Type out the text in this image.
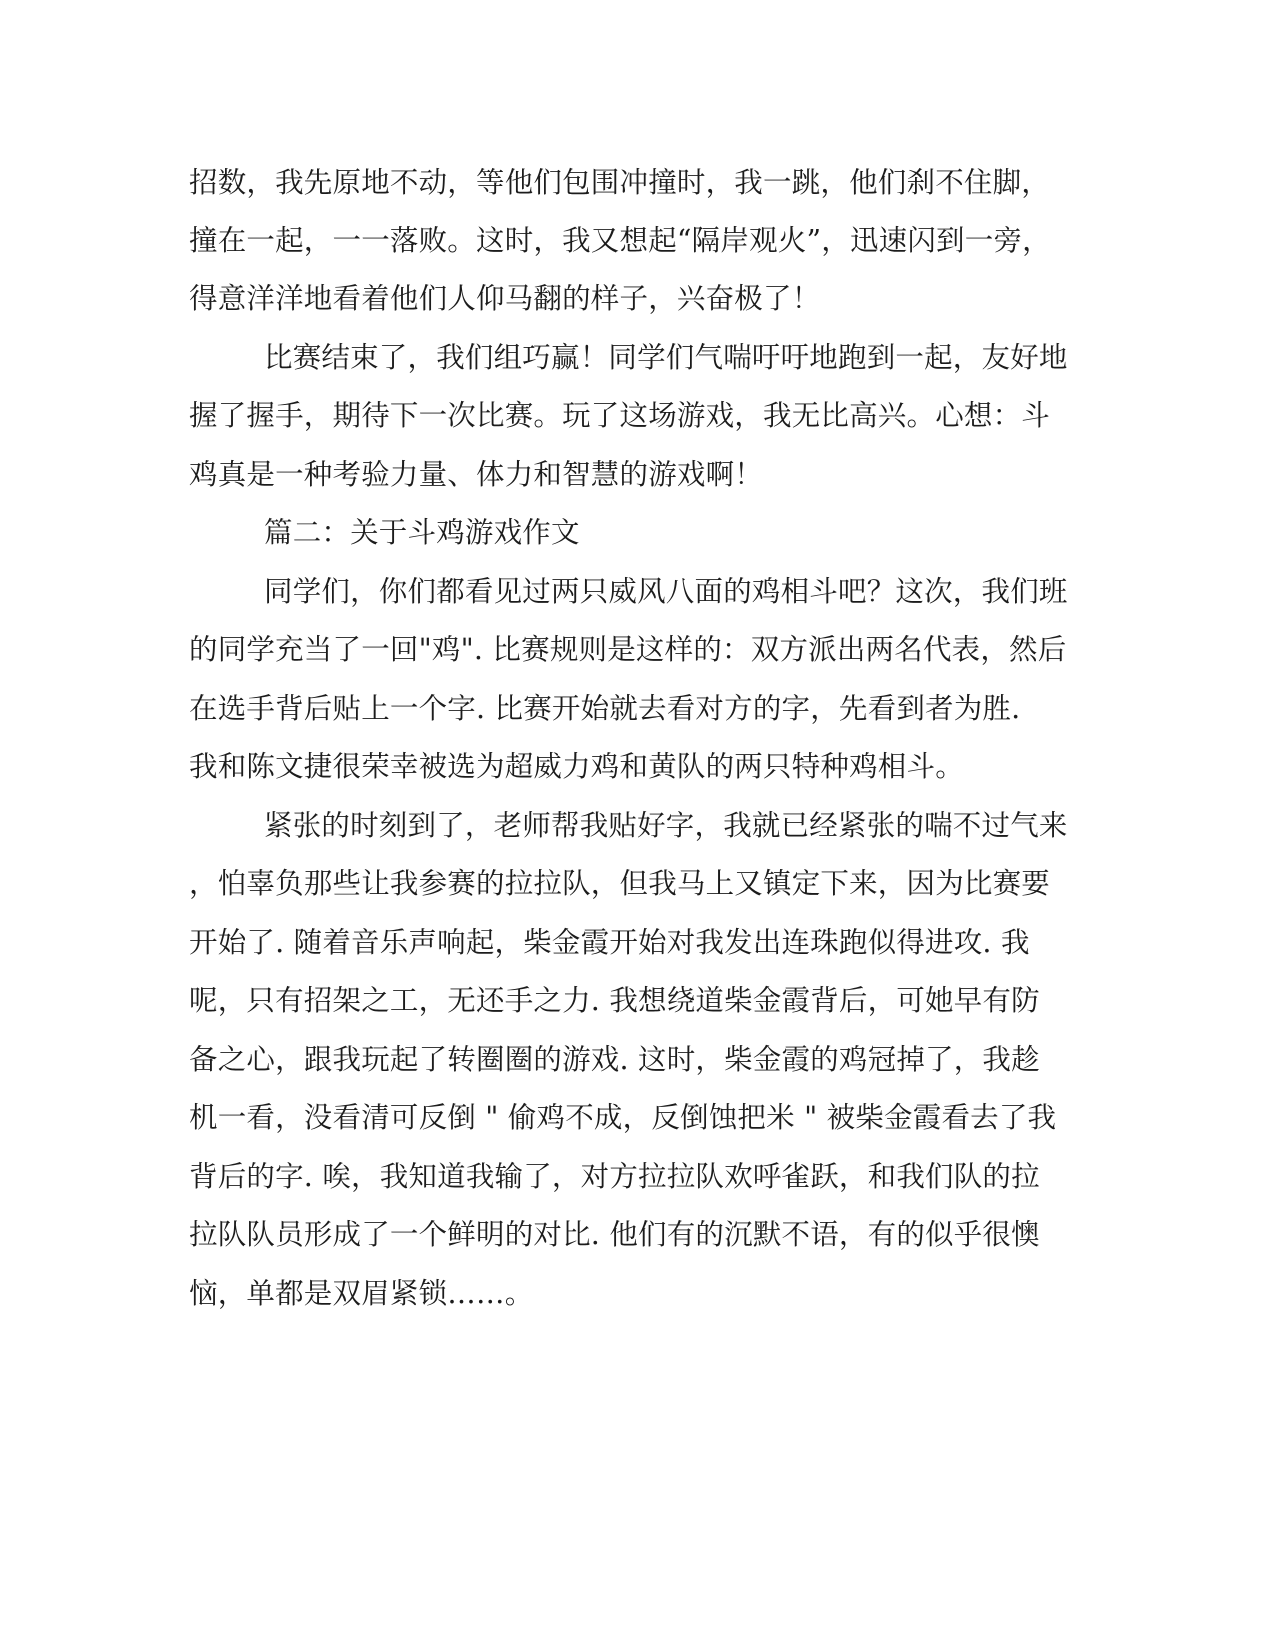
招数，我先原地不动，等他们包围冲撞时，我一跳，他们刹不住脚，

撞在一起，一一落败。这时，我又想起“隔岸观火”，迅速闪到一旁，

得意洋洋地看着他们人仰马翻的样子，兴奋极了！

比赛结束了，我们组巧赢！同学们气喘吁吁地跑到一起，友好地

握了握手，期待下一次比赛。玩了这场游戏，我无比高兴。心想：斗

鸡真是一种考验力量、体力和智慧的游戏啊！

篇二：关于斗鸡游戏作文

同学们，你们都看见过两只威风八面的鸡相斗吧？这次，我们班

的同学充当了一回"鸡". 比赛规则是这样的：双方派出两名代表，然后

在选手背后贴上一个字. 比赛开始就去看对方的字，先看到者为胜.

我和陈文捷很荣幸被选为超威力鸡和黄队的两只特种鸡相斗。

紧张的时刻到了，老师帮我贴好字，我就已经紧张的喘不过气来

，怕辜负那些让我参赛的拉拉队，但我马上又镇定下来，因为比赛要

开始了. 随着音乐声响起，柴金霞开始对我发出连珠跑似得进攻. 我

呢，只有招架之工，无还手之力. 我想绕道柴金霞背后，可她早有防

备之心，跟我玩起了转圈圈的游戏. 这时，柴金霞的鸡冠掉了，我趁

机一看，没看清可反倒 " 偷鸡不成，反倒蚀把米 " 被柴金霞看去了我

背后的字. 唉，我知道我输了，对方拉拉队欢呼雀跃，和我们队的拉

拉队队员形成了一个鲜明的对比. 他们有的沉默不语，有的似乎很懊

恼，单都是双眉紧锁……。
